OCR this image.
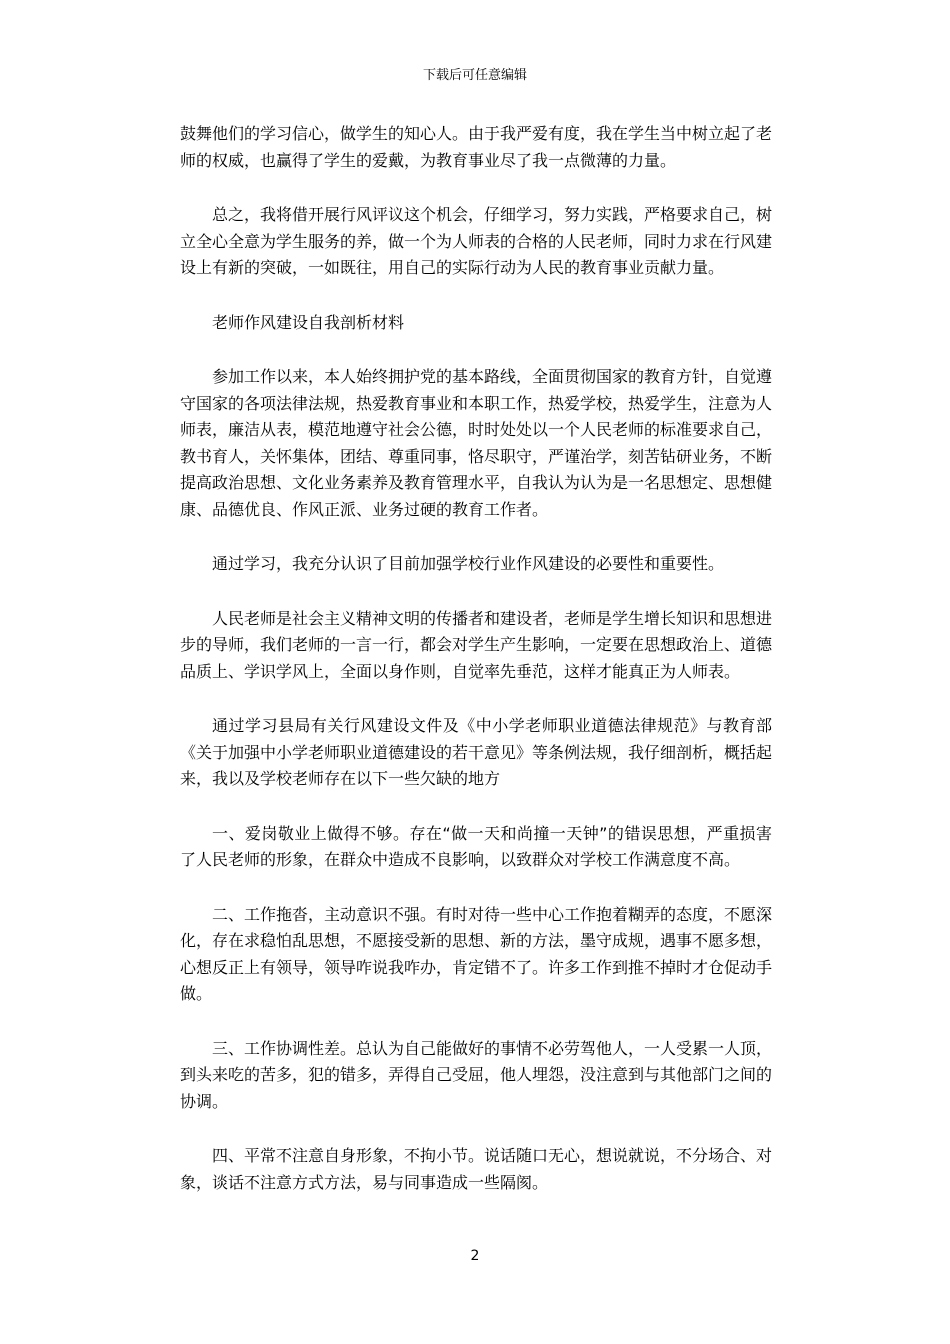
下载后可任意编辑

鼓舞他们的学习信心，做学生的知心人。由于我严爱有度，我在学生当中树立起了老师的权威，也赢得了学生的爱戴，为教育事业尽了我一点微薄的力量。

总之，我将借开展行风评议这个机会，仔细学习，努力实践，严格要求自己，树立全心全意为学生服务的养，做一个为人师表的合格的人民老师，同时力求在行风建设上有新的突破，一如既往，用自己的实际行动为人民的教育事业贡献力量。

老师作风建设自我剖析材料

参加工作以来，本人始终拥护党的基本路线，全面贯彻国家的教育方针，自觉遵守国家的各项法律法规，热爱教育事业和本职工作，热爱学校，热爱学生，注意为人师表，廉洁从表，模范地遵守社会公德，时时处处以一个人民老师的标准要求自己，教书育人，关怀集体，团结、尊重同事，恪尽职守，严谨治学，刻苦钻研业务，不断提高政治思想、文化业务素养及教育管理水平，自我认为认为是一名思想定、思想健康、品德优良、作风正派、业务过硬的教育工作者。

通过学习，我充分认识了目前加强学校行业作风建设的必要性和重要性。

人民老师是社会主义精神文明的传播者和建设者，老师是学生增长知识和思想进步的导师，我们老师的一言一行，都会对学生产生影响，一定要在思想政治上、道德品质上、学识学风上，全面以身作则，自觉率先垂范，这样才能真正为人师表。

通过学习县局有关行风建设文件及《中小学老师职业道德法律规范》与教育部《关于加强中小学老师职业道德建设的若干意见》等条例法规，我仔细剖析，概括起来，我以及学校老师存在以下一些欠缺的地方

一、爱岗敬业上做得不够。存在“做一天和尚撞一天钟”的错误思想，严重损害了人民老师的形象，在群众中造成不良影响，以致群众对学校工作满意度不高。

二、工作拖沓，主动意识不强。有时对待一些中心工作抱着糊弄的态度，不愿深化，存在求稳怕乱思想，不愿接受新的思想、新的方法，墨守成规，遇事不愿多想，心想反正上有领导，领导咋说我咋办，肯定错不了。许多工作到推不掉时才仓促动手做。

三、工作协调性差。总认为自己能做好的事情不必劳驾他人，一人受累一人顶，到头来吃的苦多，犯的错多，弄得自己受屈，他人埋怨，没注意到与其他部门之间的协调。

四、平常不注意自身形象，不拘小节。说话随口无心，想说就说，不分场合、对象，谈话不注意方式方法，易与同事造成一些隔阂。

2
